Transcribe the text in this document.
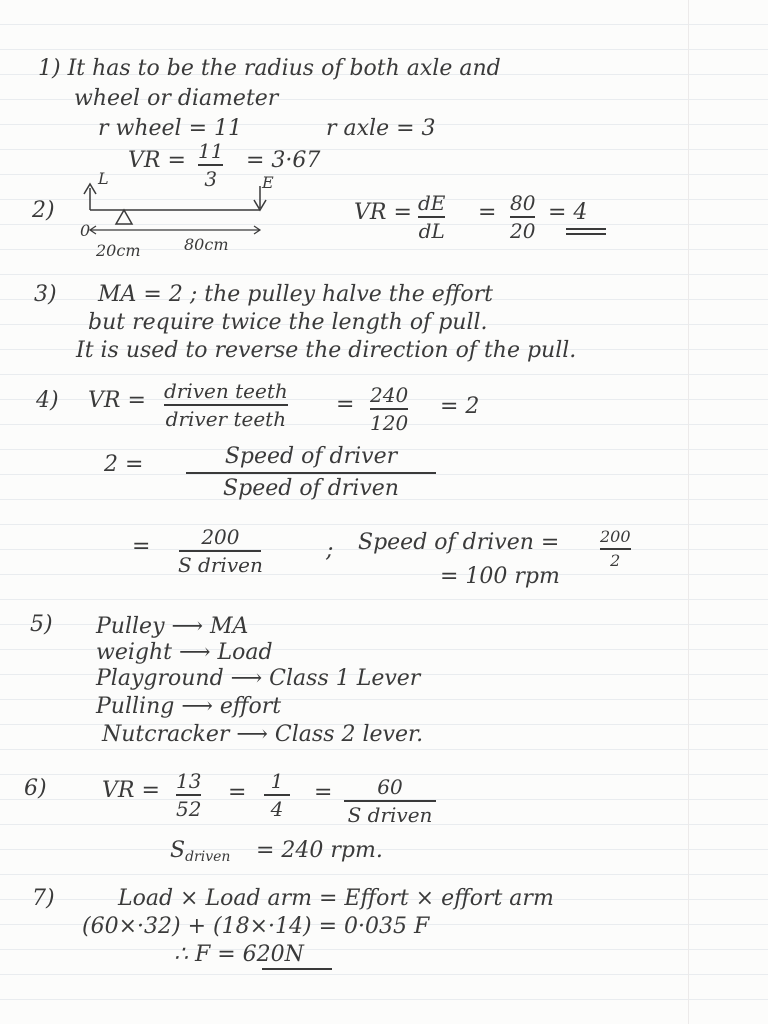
1) It has to be the radius of both axle and
wheel or diameter
r wheel = 11	r axle = 3
VR = 11
3
= 3·67
2)
L	E
0
20cm	80cm
VR = dE
dL
= 80
20
= 4
3) MA = 2 ; the pulley halve the effort
but require twice the length of pull.
It is used to reverse the direction of the pull.
4) VR = driven teeth
driver teeth
= 240
120
= 2
2 =	Speed of driver
Speed of driven
=	200
S driven
; Speed of driven =	200
2
= 100 rpm
5) Pulley ⟶ MA
weight ⟶ Load
Playground ⟶ Class 1 Lever
Pulling ⟶ effort
Nutcracker ⟶ Class 2 lever.
6)	VR = 13
52
= 1
4
= 60
S driven
$S_{driven} = 240$ rpm.
7)	Load × Load arm = Effort × effort arm
(60×·32) + (18×·14) = 0·035 F
∴ F = 620N
